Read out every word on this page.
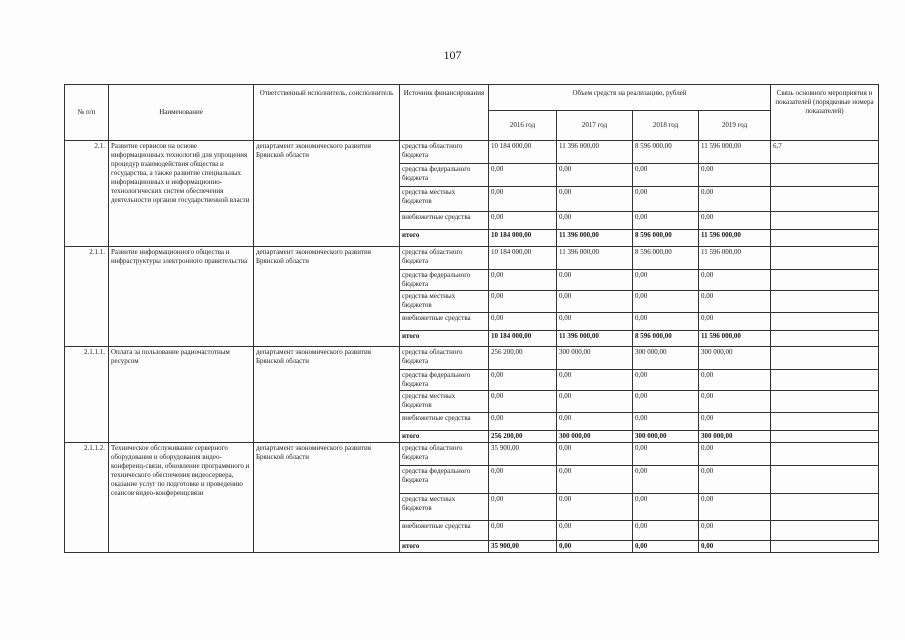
107
№ п/п	Наименование	Ответственный исполнитель, соисполнитель	Источник финансирования	Объем средств на реализацию, рублей				Связь основного мероприятия и показателей (порядковые номера показателей)
				2016 год	2017 год	2018 год	2019 год	
2.1.	Развитие сервисов на основе информационных технологий для упрощения процедур взаимодействия общества и государства, а также развитие специальных информационных и информационно-технологических систем обеспечения деятельности органов государственной власти	департамент экономического развития Брянской области	средства областного бюджета	10 184 000,00	11 396 000,00	8 596 000,00	11 596 000,00	6,7
			средства федерального бюджета	0,00	0,00	0,00	0,00	
			средства местных бюджетов	0,00	0,00	0,00	0,00	
			внебюжетные средства	0,00	0,00	0,00	0,00	
			итого	10 184 000,00	11 396 000,00	8 596 000,00	11 596 000,00	
2.1.1.	Развитие информационного общества и инфраструктуры электронного правительства	департамент экономического развития Брянской области	средства областного бюджета	10 184 000,00	11 396 000,00	8 596 000,00	11 596 000,00	
			средства федерального бюджета	0,00	0,00	0,00	0,00	
			средства местных бюджетов	0,00	0,00	0,00	0,00	
			внебюжетные средства	0,00	0,00	0,00	0,00	
			итого	10 184 000,00	11 396 000,00	8 596 000,00	11 596 000,00	
2.1.1.1.	Оплата за пользование радиочастотным ресурсом	департамент экономического развития Брянской области	средства областного бюджета	256 200,00	300 000,00	300 000,00	300 000,00	
			средства федерального бюджета	0,00	0,00	0,00	0,00	
			средства местных бюджетов	0,00	0,00	0,00	0,00	
			внебюжетные средства	0,00	0,00	0,00	0,00	
			итого	256 200,00	300 000,00	300 000,00	300 000,00	
2.1.1.2.	Техническое обслуживание серверного оборудования и оборудования видео-конференц-связи, обновление программного и технического обеспечения видеосервера, оказание услуг по подготовке и проведению сеансов видео-конференцсвязи	департамент экономического развития Брянской области	средства областного бюджета	35 900,00	0,00	0,00	0,00	
			средства федерального бюджета	0,00	0,00	0,00	0,00	
			средства местных бюджетов	0,00	0,00	0,00	0,00	
			внебюжетные средства	0,00	0,00	0,00	0,00	
			итого	35 900,00	0,00	0,00	0,00	
